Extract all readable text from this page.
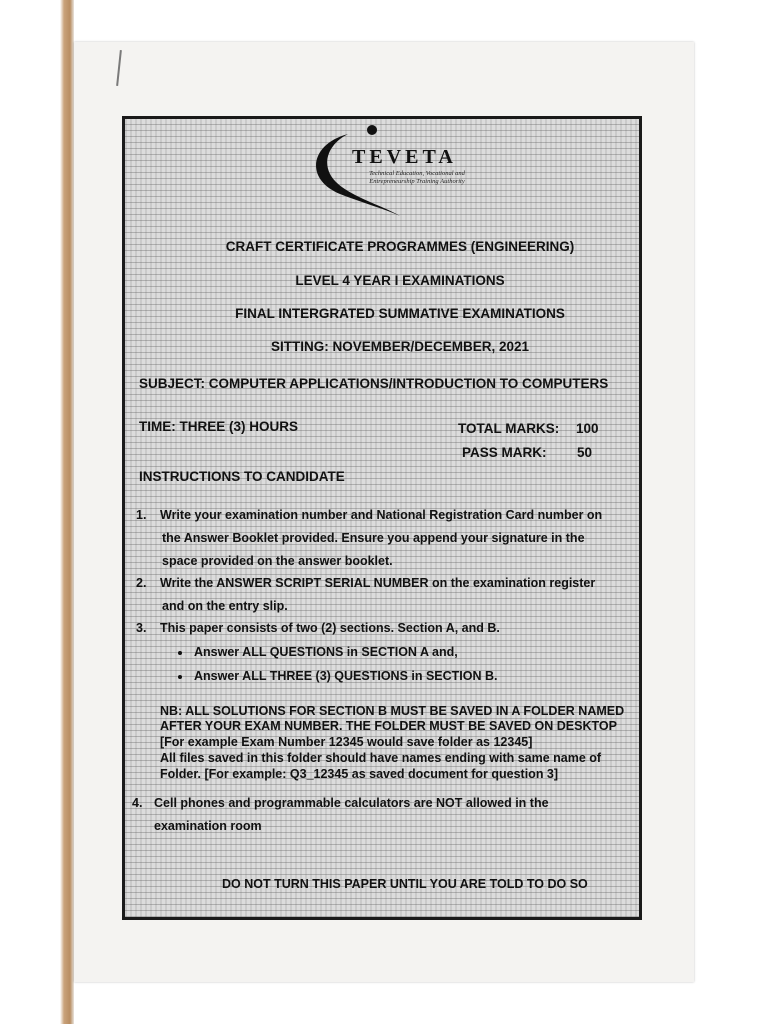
TEVETA
Technical Education, Vocational and Entrepreneurship Training Authority
CRAFT CERTIFICATE PROGRAMMES (ENGINEERING)
LEVEL 4 YEAR I EXAMINATIONS
FINAL INTERGRATED SUMMATIVE EXAMINATIONS
SITTING: NOVEMBER/DECEMBER, 2021
SUBJECT: COMPUTER APPLICATIONS/INTRODUCTION TO COMPUTERS
TIME: THREE (3) HOURS	TOTAL MARKS: 100
PASS MARK: 50
INSTRUCTIONS TO CANDIDATE
1. Write your examination number and National Registration Card number on
the Answer Booklet provided. Ensure you append your signature in the
space provided on the answer booklet.
2. Write the ANSWER SCRIPT SERIAL NUMBER on the examination register
and on the entry slip.
3. This paper consists of two (2) sections. Section A, and B.
Answer ALL QUESTIONS in SECTION A and,
Answer ALL THREE (3) QUESTIONS in SECTION B.
NB: ALL SOLUTIONS FOR SECTION B MUST BE SAVED IN A FOLDER NAMED
AFTER YOUR EXAM NUMBER. THE FOLDER MUST BE SAVED ON DESKTOP
[For example Exam Number 12345 would save folder as 12345]
All files saved in this folder should have names ending with same name of
Folder. [For example: Q3_12345 as saved document for question 3]
4. Cell phones and programmable calculators are NOT allowed in the
examination room
DO NOT TURN THIS PAPER UNTIL YOU ARE TOLD TO DO SO
